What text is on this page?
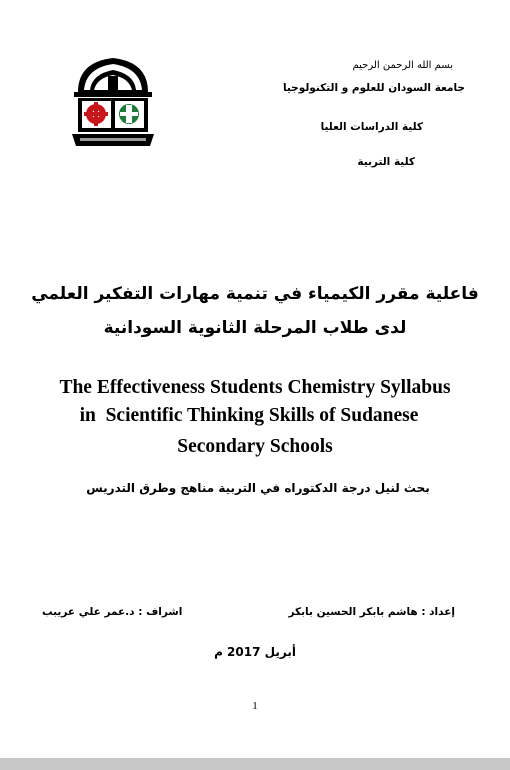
بسم الله الرحمن الرحيم
جامعة السودان للعلوم و التكنولوجيا
كلية الدراسات العليا
كلية التربية
فاعلية مقرر الكيمياء في تنمية مهارات التفكير العلمي
لدى طلاب المرحلة الثانوية السودانية
The Effectiveness Students Chemistry Syllabus
in  Scientific Thinking Skills of Sudanese
Secondary Schools
بحث لنيل درجة الدكتوراه في التربية مناهج وطرق التدريس
إعداد : هاشم بابكر الحسين بابكر
اشراف : د.عمر علي عريبب
أبريل 2017 م
1
